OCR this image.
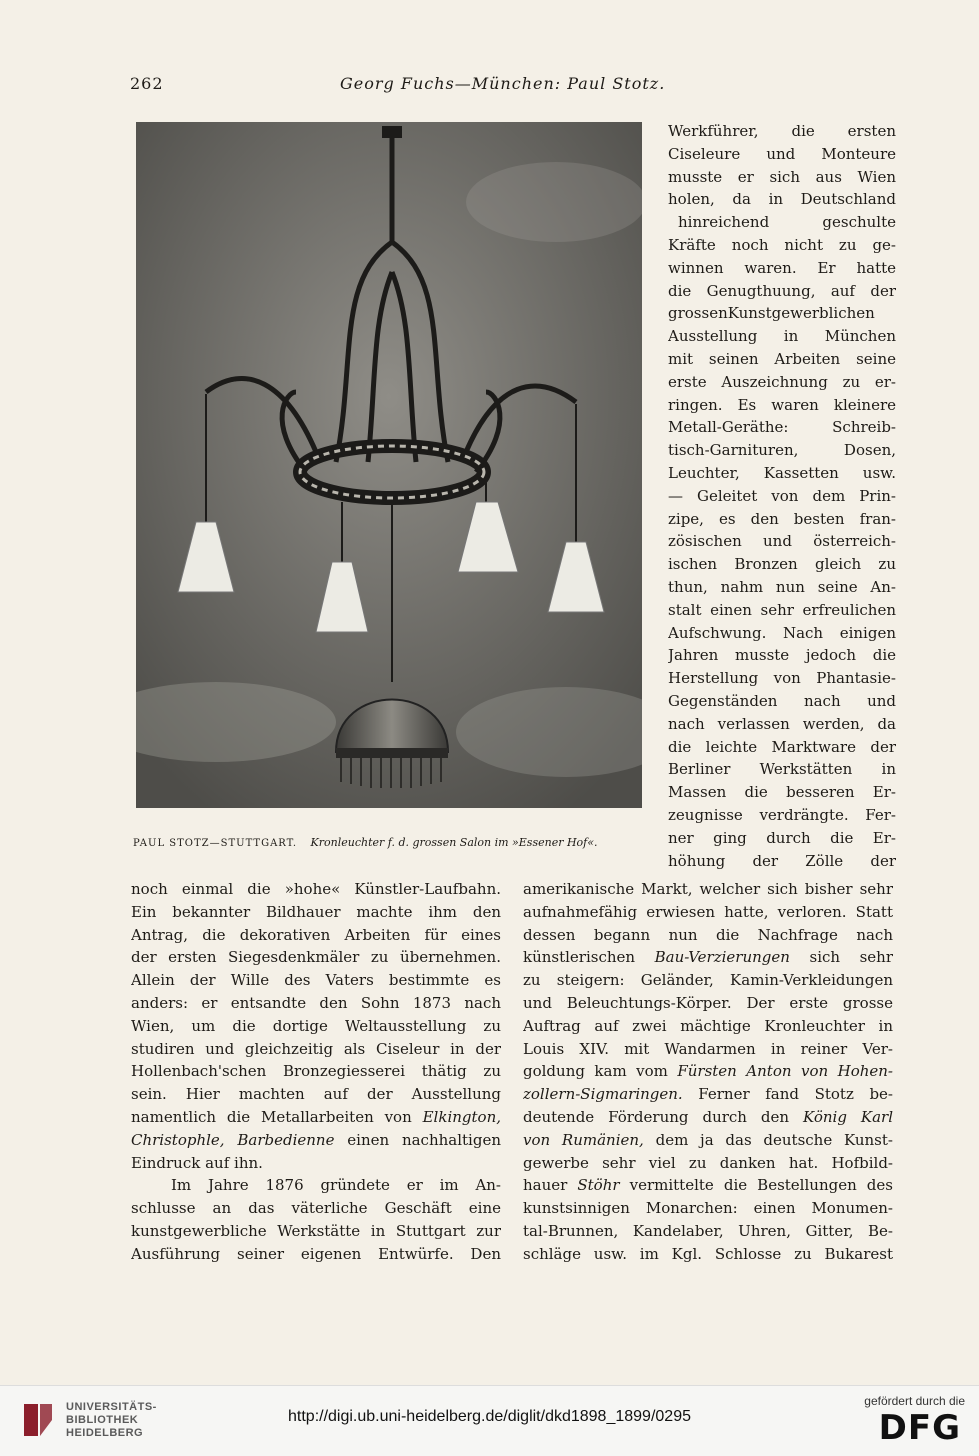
262	Georg Fuchs—München: Paul Stotz.
PAUL STOTZ—STUTTGART. Kronleuchter f. d. grossen Salon im »Essener Hof«.
Werkführer, die ersten
Ciseleure und Monteure
musste er sich aus Wien
holen, da in Deutschland
hinreichend geschulte
Kräfte noch nicht zu ge-
winnen waren. Er hatte
die Genugthuung, auf der
grossenKunstgewerblichen
Ausstellung in München
mit seinen Arbeiten seine
erste Auszeichnung zu er-
ringen. Es waren kleinere
Metall-Geräthe: Schreib-
tisch-Garnituren, Dosen,
Leuchter, Kassetten usw.
— Geleitet von dem Prin-
zipe, es den besten fran-
zösischen und österreich-
ischen Bronzen gleich zu
thun, nahm nun seine An-
stalt einen sehr erfreulichen
Aufschwung. Nach einigen
Jahren musste jedoch die
Herstellung von Phantasie-
Gegenständen nach und
nach verlassen werden, da
die leichte Marktware der
Berliner Werkstätten in
Massen die besseren Er-
zeugnisse verdrängte. Fer-
ner ging durch die Er-
höhung der Zölle der
noch einmal die »hohe« Künstler-Laufbahn.
Ein bekannter Bildhauer machte ihm den
Antrag, die dekorativen Arbeiten für eines
der ersten Siegesdenkmäler zu übernehmen.
Allein der Wille des Vaters bestimmte es
anders: er entsandte den Sohn 1873 nach
Wien, um die dortige Weltausstellung zu
studiren und gleichzeitig als Ciseleur in der
Hollenbach'schen Bronzegiesserei thätig zu
sein. Hier machten auf der Ausstellung
namentlich die Metallarbeiten von Elkington,
Christophle, Barbedienne einen nachhaltigen
Eindruck auf ihn.
Im Jahre 1876 gründete er im An-
schlusse an das väterliche Geschäft eine
kunstgewerbliche Werkstätte in Stuttgart zur
Ausführung seiner eigenen Entwürfe. Den
amerikanische Markt, welcher sich bisher sehr
aufnahmefähig erwiesen hatte, verloren. Statt
dessen begann nun die Nachfrage nach
künstlerischen Bau-Verzierungen sich sehr
zu steigern: Geländer, Kamin-Verkleidungen
und Beleuchtungs-Körper. Der erste grosse
Auftrag auf zwei mächtige Kronleuchter in
Louis XIV. mit Wandarmen in reiner Ver-
goldung kam vom Fürsten Anton von Hohen-
zollern-Sigmaringen. Ferner fand Stotz be-
deutende Förderung durch den König Karl
von Rumänien, dem ja das deutsche Kunst-
gewerbe sehr viel zu danken hat. Hofbild-
hauer Stöhr vermittelte die Bestellungen des
kunstsinnigen Monarchen: einen Monumen-
tal-Brunnen, Kandelaber, Uhren, Gitter, Be-
schläge usw. im Kgl. Schlosse zu Bukarest
UNIVERSITÄTS-
BIBLIOTHEK
HEIDELBERG
http://digi.ub.uni-heidelberg.de/diglit/dkd1898_1899/0295
gefördert durch die
DFG
